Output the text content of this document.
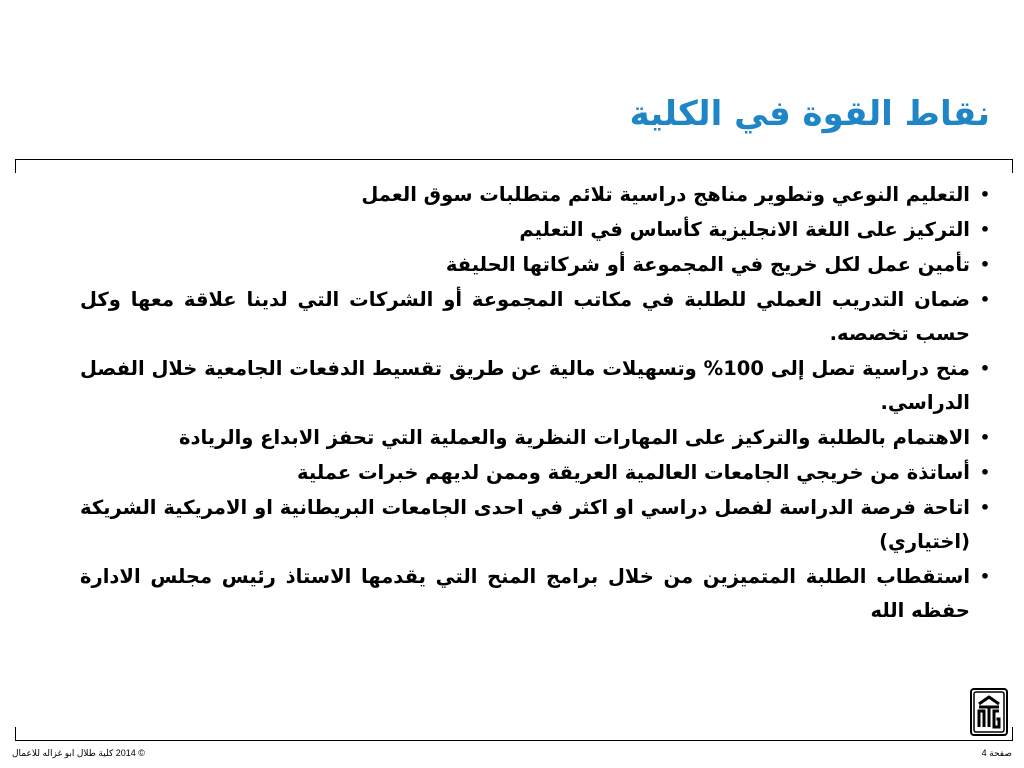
نقاط القوة في الكلية
•
التعليم النوعي وتطوير مناهج دراسية تلائم متطلبات سوق العمل
•
التركيز على اللغة الانجليزية كأساس في التعليم
•
تأمين عمل لكل خريج في المجموعة أو شركاتها الحليفة
•
ضمان التدريب العملي للطلبة في مكاتب المجموعة أو الشركات التي لدينا علاقة معها وكل حسب تخصصه.
•
منح دراسية تصل إلى 100% وتسهيلات مالية عن طريق تقسيط الدفعات الجامعية خلال الفصل الدراسي.
•
الاهتمام بالطلبة والتركيز على المهارات النظرية والعملية التي تحفز الابداع والريادة
•
أساتذة من خريجي الجامعات العالمية العريقة وممن لديهم خبرات عملية
•
اتاحة فرصة الدراسة لفصل دراسي او اكثر في احدى الجامعات البريطانية او الامريكية الشريكة (اختياري)
•
استقطاب الطلبة المتميزين من خلال برامج المنح التي يقدمها الاستاذ رئيس مجلس الادارة حفظه الله
© 2014 كلية طلال ابو غزاله للاعمال	صفحة 4
